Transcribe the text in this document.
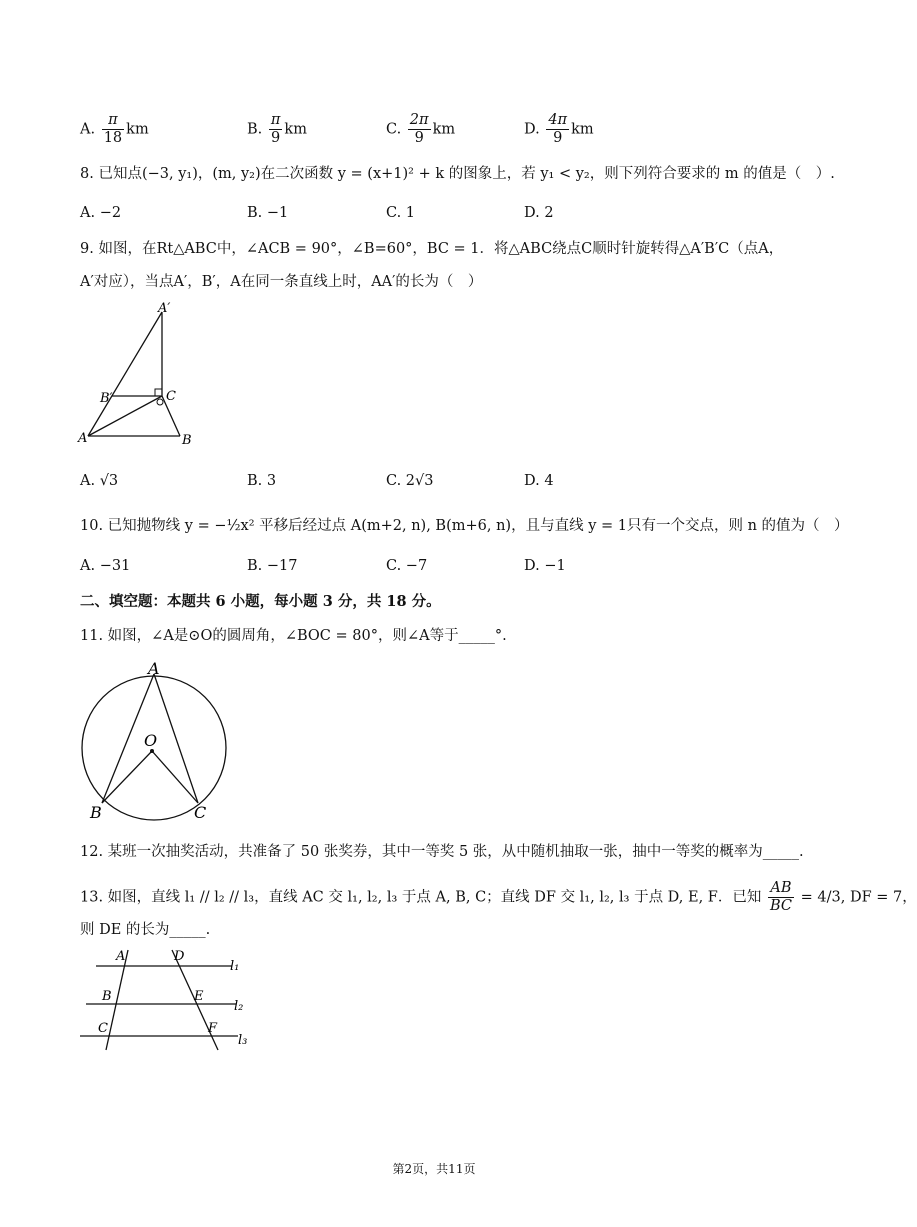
A. $\frac{\pi}{18}$ km	B. $\frac{\pi}{9}$ km	C. $\frac{2\pi}{9}$ km	D. $\frac{4\pi}{9}$ km
8. 已知点(−3, y₁)，(m, y₂)在二次函数 y = (x+1)² + k 的图象上，若 y₁ < y₂，则下列符合要求的 m 的值是（　）.
A. −2	B. −1	C. 1	D. 2
9. 如图，在Rt△ABC中，∠ACB = 90°，∠B=60°，BC = 1．将△ABC绕点C顺时针旋转得△A′B′C（点A，
A′对应），当点A′，B′，A在同一条直线上时，AA′的长为（　）
A′
B′	C
A	B
A. √3	B. 3	C. 2√3	D. 4
10. 已知抛物线 y = −½x² 平移后经过点 A(m+2, n), B(m+6, n)，且与直线 y = 1只有一个交点，则 n 的值为（　）
A. −31	B. −17	C. −7	D. −1
二、填空题：本题共 6 小题，每小题 3 分，共 18 分。
11. 如图，∠A是⊙O的圆周角，∠BOC = 80°，则∠A等于_____°.
A
O
B	C
12. 某班一次抽奖活动，共准备了 50 张奖券，其中一等奖 5 张，从中随机抽取一张，抽中一等奖的概率为_____.
13. 如图，直线 l₁ // l₂ // l₃，直线 AC 交 l₁, l₂, l₃ 于点 A, B, C；直线 DF 交 l₁, l₂, l₃ 于点 D, E, F．已知 $\frac{AB}{BC} = 4/3$, DF = 7，
则 DE 的长为_____.
A	D
l₁
B	E
l₂
C	F
l₃
第2页，共11页
